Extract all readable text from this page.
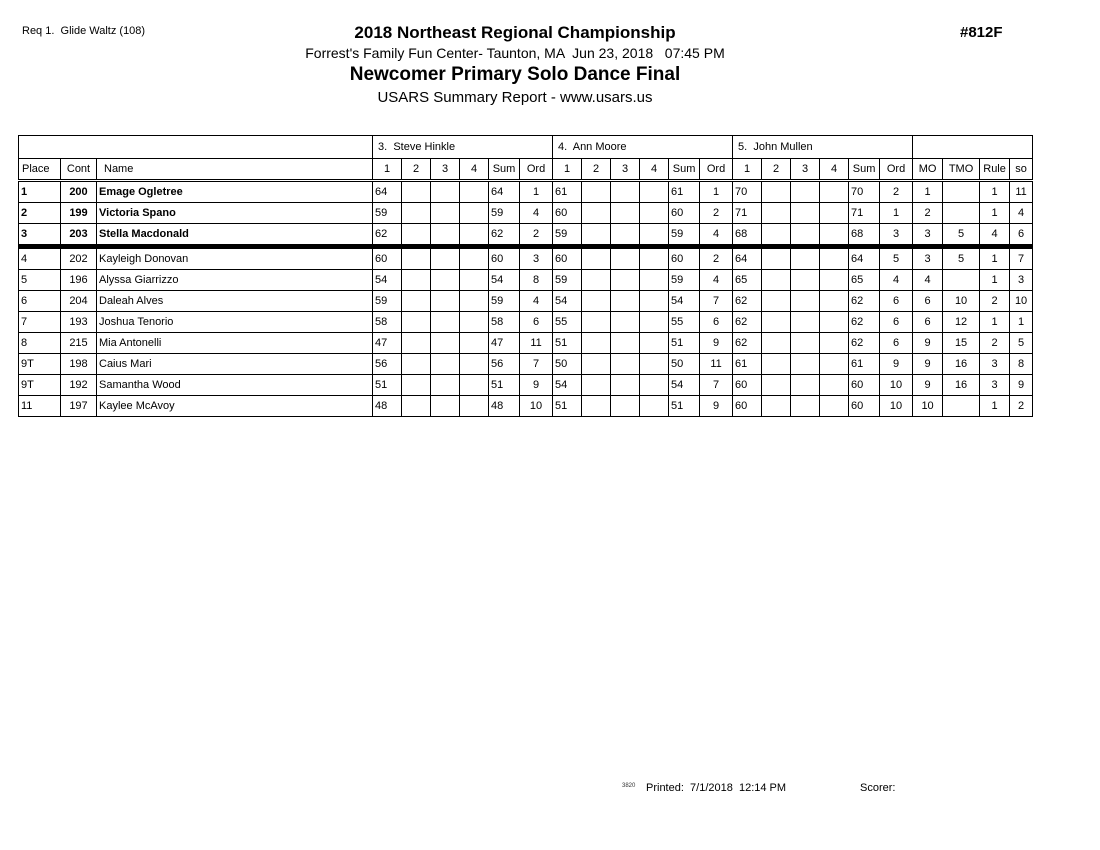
Req 1.  Glide Waltz (108)	#812F
2018 Northeast Regional Championship
Forrest's Family Fun Center- Taunton, MA  Jun 23, 2018   07:45 PM
Newcomer Primary Solo Dance Final
USARS Summary Report - www.usars.us
			3.  Steve Hinkle						4.  Ann Moore						5.  John Mullen									
Place	Cont	Name	1	2	3	4	Sum	Ord	1	2	3	4	Sum	Ord	1	2	3	4	Sum	Ord	MO	TMO	Rule	so
1	200	Emage Ogletree	64				64	1	61				61	1	70				70	2	1		1	11
2	199	Victoria Spano	59				59	4	60				60	2	71				71	1	2		1	4
3	203	Stella Macdonald	62				62	2	59				59	4	68				68	3	3	5	4	6
4	202	Kayleigh Donovan	60				60	3	60				60	2	64				64	5	3	5	1	7
5	196	Alyssa Giarrizzo	54				54	8	59				59	4	65				65	4	4		1	3
6	204	Daleah Alves	59				59	4	54				54	7	62				62	6	6	10	2	10
7	193	Joshua Tenorio	58				58	6	55				55	6	62				62	6	6	12	1	1
8	215	Mia Antonelli	47				47	11	51				51	9	62				62	6	9	15	2	5
9T	198	Caius Mari	56				56	7	50				50	11	61				61	9	9	16	3	8
9T	192	Samantha Wood	51				51	9	54				54	7	60				60	10	9	16	3	9
11	197	Kaylee McAvoy	48				48	10	51				51	9	60				60	10	10		1	2
3820 Printed:  7/1/2018  12:14 PM	Scorer:
